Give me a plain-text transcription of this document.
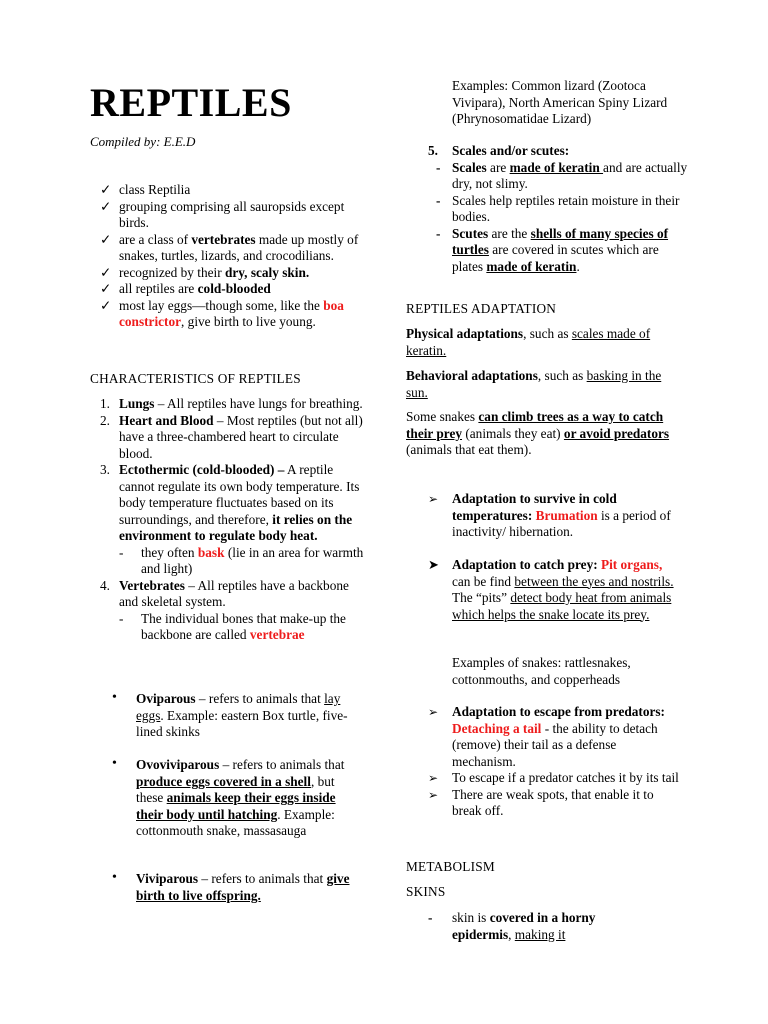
REPTILES
Compiled by: E.E.D
✓ class Reptilia
✓ grouping comprising all sauropsids except birds.
✓ are a class of vertebrates made up mostly of snakes, turtles, lizards, and crocodilians.
✓ recognized by their dry, scaly skin.
✓ all reptiles are cold-blooded
✓ most lay eggs—though some, like the boa constrictor, give birth to live young.
CHARACTERISTICS OF REPTILES
1. Lungs – All reptiles have lungs for breathing.
2. Heart and Blood – Most reptiles (but not all) have a three-chambered heart to circulate blood.
3. Ectothermic (cold-blooded) – A reptile cannot regulate its own body temperature. Its body temperature fluctuates based on its surroundings, and therefore, it relies on the environment to regulate body heat.
- they often bask (lie in an area for warmth and light)
4. Vertebrates – All reptiles have a backbone and skeletal system.
- The individual bones that make-up the backbone are called vertebrae
• Oviparous – refers to animals that lay eggs. Example: eastern Box turtle, five-lined skinks
• Ovoviviparous – refers to animals that produce eggs covered in a shell, but these animals keep their eggs inside their body until hatching. Example: cottonmouth snake, massasauga
• Viviparous – refers to animals that give birth to live offspring.
Examples: Common lizard (Zootoca Vivipara), North American Spiny Lizard (Phrynosomatidae Lizard)
5. Scales and/or scutes:
- Scales are made of keratin and are actually dry, not slimy.
- Scales help reptiles retain moisture in their bodies.
- Scutes are the shells of many species of turtles are covered in scutes which are plates made of keratin.
REPTILES ADAPTATION
Physical adaptations, such as scales made of keratin.
Behavioral adaptations, such as basking in the sun.
Some snakes can climb trees as a way to catch their prey (animals they eat) or avoid predators (animals that eat them).
➢ Adaptation to survive in cold temperatures: Brumation is a period of inactivity/ hibernation.
➤ Adaptation to catch prey: Pit organs, can be find between the eyes and nostrils. The “pits” detect body heat from animals which helps the snake locate its prey.
Examples of snakes: rattlesnakes, cottonmouths, and copperheads
➢ Adaptation to escape from predators: Detaching a tail - the ability to detach (remove) their tail as a defense mechanism.
➢ To escape if a predator catches it by its tail
➢ There are weak spots, that enable it to break off.
METABOLISM
SKINS
- skin is covered in a horny epidermis, making it
